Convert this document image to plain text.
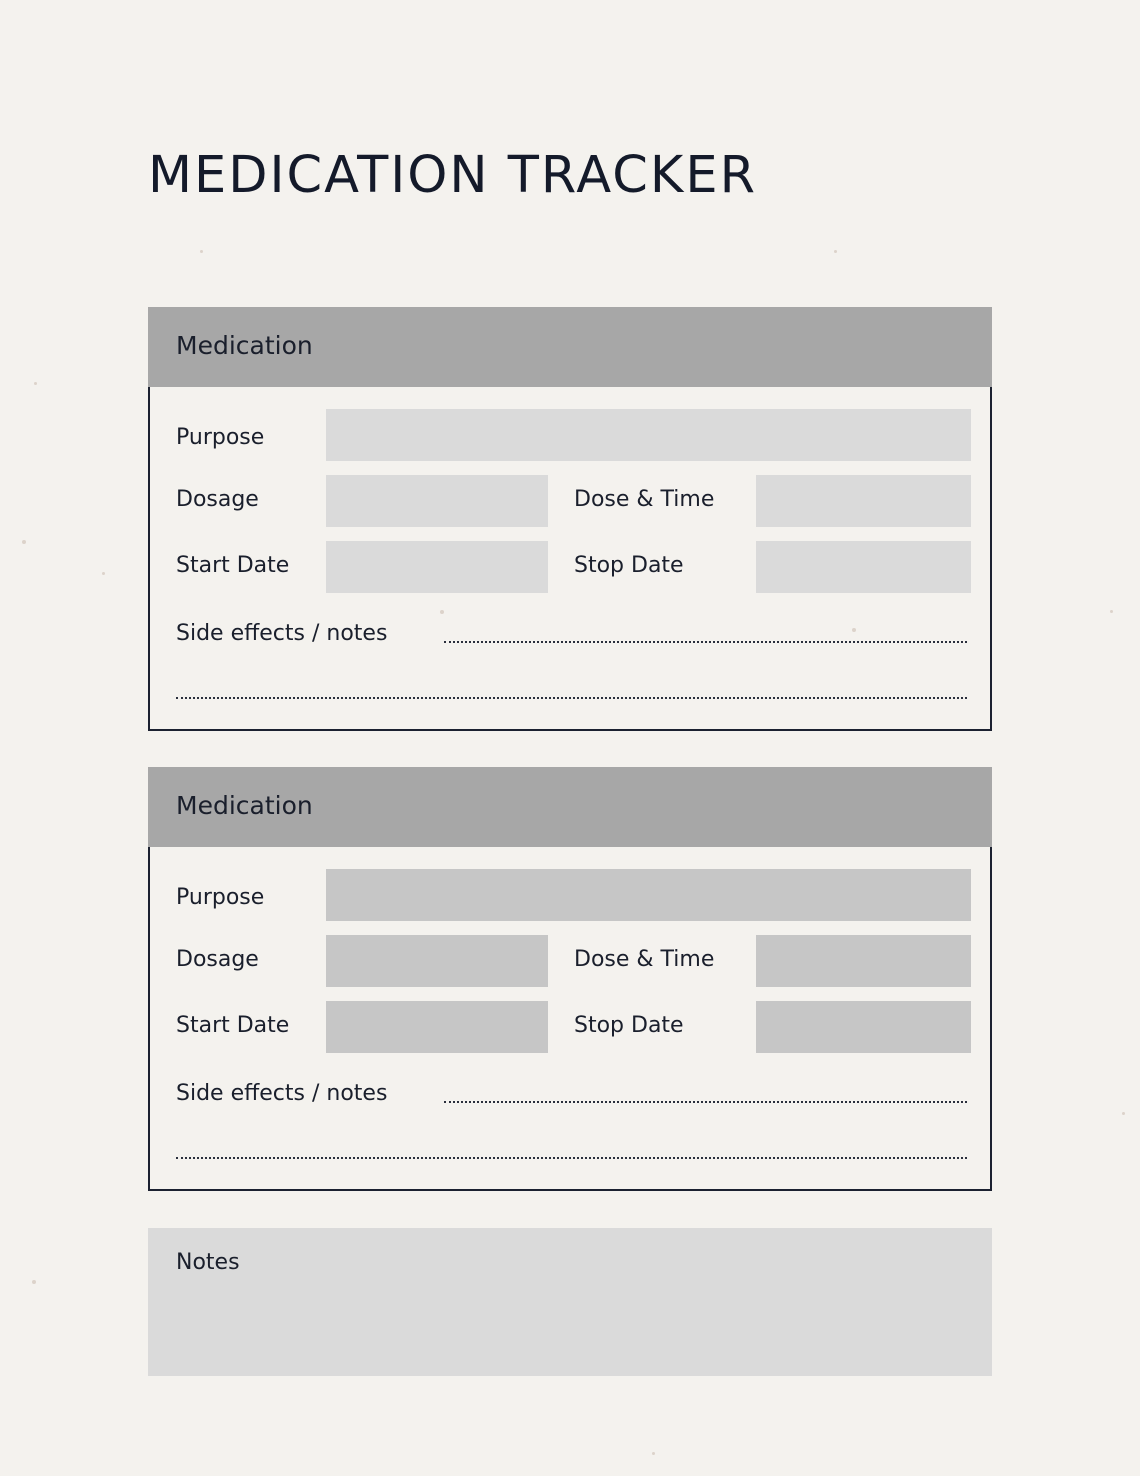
MEDICATION TRACKER
Medication
Purpose
Dosage	Dose & Time
Start Date	Stop Date
Side effects / notes
Medication
Purpose
Dosage	Dose & Time
Start Date	Stop Date
Side effects / notes
Notes
